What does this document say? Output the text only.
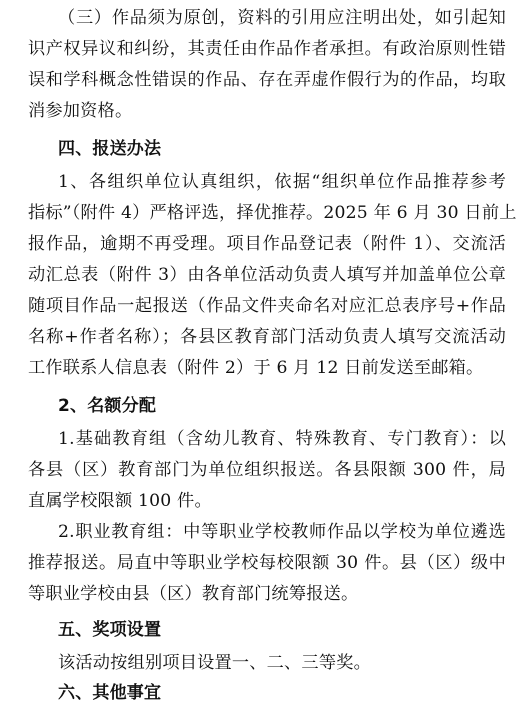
（三）作品须为原创，资料的引用应注明出处，如引起知
识产权异议和纠纷，其责任由作品作者承担。有政治原则性错
误和学科概念性错误的作品、存在弄虚作假行为的作品，均取
消参加资格。
四、报送办法
1、各组织单位认真组织，依据“组织单位作品推荐参考
指标”（附件 4）严格评选，择优推荐。2025 年 6 月 30 日前上
报作品，逾期不再受理。项目作品登记表（附件 1）、交流活
动汇总表（附件 3）由各单位活动负责人填写并加盖单位公章
随项目作品一起报送（作品文件夹命名对应汇总表序号+作品
名称+作者名称）；各县区教育部门活动负责人填写交流活动
工作联系人信息表（附件 2）于 6 月 12 日前发送至邮箱。
2、名额分配
1.基础教育组（含幼儿教育、特殊教育、专门教育）：以
各县（区）教育部门为单位组织报送。各县限额 300 件，局
直属学校限额 100 件。
2.职业教育组：中等职业学校教师作品以学校为单位遴选
推荐报送。局直中等职业学校每校限额 30 件。县（区）级中
等职业学校由县（区）教育部门统筹报送。
五、奖项设置
该活动按组别项目设置一、二、三等奖。
六、其他事宜
